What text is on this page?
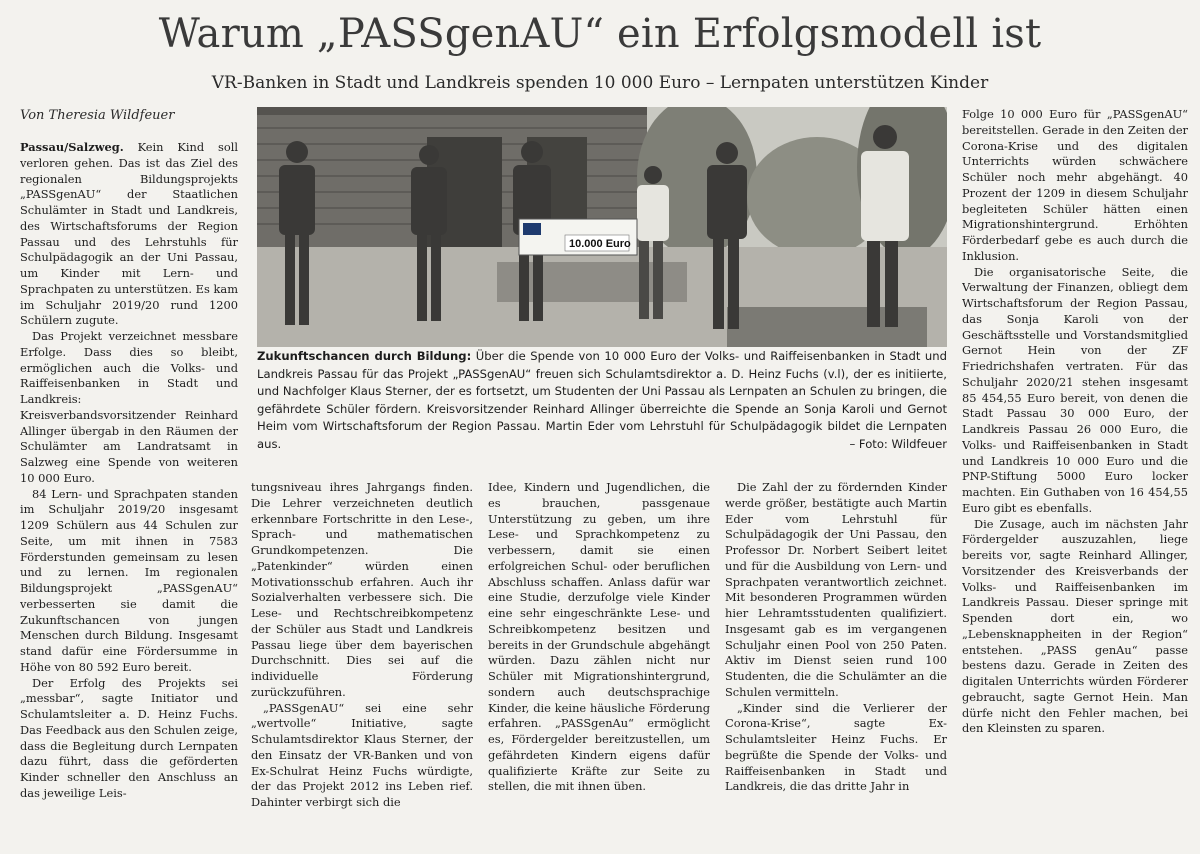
Warum „PASSgenAU“ ein Erfolgsmodell ist
VR-Banken in Stadt und Landkreis spenden 10 000 Euro – Lernpaten unterstützen Kinder
Von Theresia Wildfeuer

Passau/Salzweg. Kein Kind soll verloren gehen. Das ist das Ziel des regionalen Bildungsprojekts „PASSgenAU“ der Staatlichen Schulämter in Stadt und Landkreis, des Wirtschaftsforums der Region Passau und des Lehrstuhls für Schulpädagogik an der Uni Passau, um Kinder mit Lern- und Sprachpaten zu unterstützen. Es kam im Schuljahr 2019/20 rund 1200 Schülern zugute.

Das Projekt verzeichnet messbare Erfolge. Dass dies so bleibt, ermöglichen auch die Volks- und Raiffeisenbanken in Stadt und Landkreis: Kreisverbandsvorsitzender Reinhard Allinger übergab in den Räumen der Schulämter am Landratsamt in Salzweg eine Spende von weiteren 10 000 Euro.

84 Lern- und Sprachpaten standen im Schuljahr 2019/20 insgesamt 1209 Schülern aus 44 Schulen zur Seite, um mit ihnen in 7583 Förderstunden gemeinsam zu lesen und zu lernen. Im regionalen Bildungsprojekt „PASSgenAU“ verbesserten sie damit die Zukunftschancen von jungen Menschen durch Bildung. Insgesamt stand dafür eine Fördersumme in Höhe von 80 592 Euro bereit.

Der Erfolg des Projekts sei „messbar“, sagte Initiator und Schulamtsleiter a. D. Heinz Fuchs. Das Feedback aus den Schulen zeige, dass die Begleitung durch Lernpaten dazu führt, dass die geförderten Kinder schneller den Anschluss an das jeweilige Leis-

10.000 Euro
Zukunftschancen durch Bildung: Über die Spende von 10 000 Euro der Volks- und Raiffeisenbanken in Stadt und Landkreis Passau für das Projekt „PASSgenAU“ freuen sich Schulamtsdirektor a. D. Heinz Fuchs (v.l), der es initiierte, und Nachfolger Klaus Sterner, der es fortsetzt, um Studenten der Uni Passau als Lernpaten an Schulen zu bringen, die gefährdete Schüler fördern. Kreisvorsitzender Reinhard Allinger überreichte die Spende an Sonja Karoli und Gernot Heim vom Wirtschaftsforum der Region Passau. Martin Eder vom Lehrstuhl für Schulpädagogik bildet die Lernpaten aus.	– Foto: Wildfeuer

tungsniveau ihres Jahrgangs finden. Die Lehrer verzeichneten deutlich erkennbare Fortschritte in den Lese-, Sprach- und mathematischen Grundkompetenzen. Die „Patenkinder“ würden einen Motivationsschub erfahren. Auch ihr Sozialverhalten verbessere sich. Die Lese- und Rechtschreibkompetenz der Schüler aus Stadt und Landkreis Passau liege über dem bayerischen Durchschnitt. Dies sei auf die individuelle Förderung zurückzuführen.

„PASSgenAU“ sei eine sehr „wertvolle“ Initiative, sagte Schulamtsdirektor Klaus Sterner, der den Einsatz der VR-Banken und von Ex-Schulrat Heinz Fuchs würdigte, der das Projekt 2012 ins Leben rief. Dahinter verbirgt sich die

Idee, Kindern und Jugendlichen, die es brauchen, passgenaue Unterstützung zu geben, um ihre Lese- und Sprachkompetenz zu verbessern, damit sie einen erfolgreichen Schul- oder beruflichen Abschluss schaffen. Anlass dafür war eine Studie, derzufolge viele Kinder eine sehr eingeschränkte Lese- und Schreibkompetenz besitzen und bereits in der Grundschule abgehängt würden. Dazu zählen nicht nur Schüler mit Migrationshintergrund, sondern auch deutschsprachige Kinder, die keine häusliche Förderung erfahren. „PASSgenAu“ ermöglicht es, Fördergelder bereitzustellen, um gefährdeten Kindern eigens dafür qualifizierte Kräfte zur Seite zu stellen, die mit ihnen üben.

Die Zahl der zu fördernden Kinder werde größer, bestätigte auch Martin Eder vom Lehrstuhl für Schulpädagogik der Uni Passau, den Professor Dr. Norbert Seibert leitet und für die Ausbildung von Lern- und Sprachpaten verantwortlich zeichnet. Mit besonderen Programmen würden hier Lehramtsstudenten qualifiziert. Insgesamt gab es im vergangenen Schuljahr einen Pool von 250 Paten. Aktiv im Dienst seien rund 100 Studenten, die die Schulämter an die Schulen vermitteln.

„Kinder sind die Verlierer der Corona-Krise“, sagte Ex-Schulamtsleiter Heinz Fuchs. Er begrüßte die Spende der Volks- und Raiffeisenbanken in Stadt und Landkreis, die das dritte Jahr in

Folge 10 000 Euro für „PASSgenAU“ bereitstellen. Gerade in den Zeiten der Corona-Krise und des digitalen Unterrichts würden schwächere Schüler noch mehr abgehängt. 40 Prozent der 1209 in diesem Schuljahr begleiteten Schüler hätten einen Migrationshintergrund. Erhöhten Förderbedarf gebe es auch durch die Inklusion.

Die organisatorische Seite, die Verwaltung der Finanzen, obliegt dem Wirtschaftsforum der Region Passau, das Sonja Karoli von der Geschäftsstelle und Vorstandsmitglied Gernot Hein von der ZF Friedrichshafen vertraten. Für das Schuljahr 2020/21 stehen insgesamt 85 454,55 Euro bereit, von denen die Stadt Passau 30 000 Euro, der Landkreis Passau 26 000 Euro, die Volks- und Raiffeisenbanken in Stadt und Landkreis 10 000 Euro und die PNP-Stiftung 5000 Euro locker machten. Ein Guthaben von 16 454,55 Euro gibt es ebenfalls.

Die Zusage, auch im nächsten Jahr Fördergelder auszuzahlen, liege bereits vor, sagte Reinhard Allinger, Vorsitzender des Kreisverbands der Volks- und Raiffeisenbanken im Landkreis Passau. Dieser springe mit Spenden dort ein, wo „Lebensknappheiten in der Region“ entstehen. „PASS genAu“ passe bestens dazu. Gerade in Zeiten des digitalen Unterrichts würden Förderer gebraucht, sagte Gernot Hein. Man dürfe nicht den Fehler machen, bei den Kleinsten zu sparen.
